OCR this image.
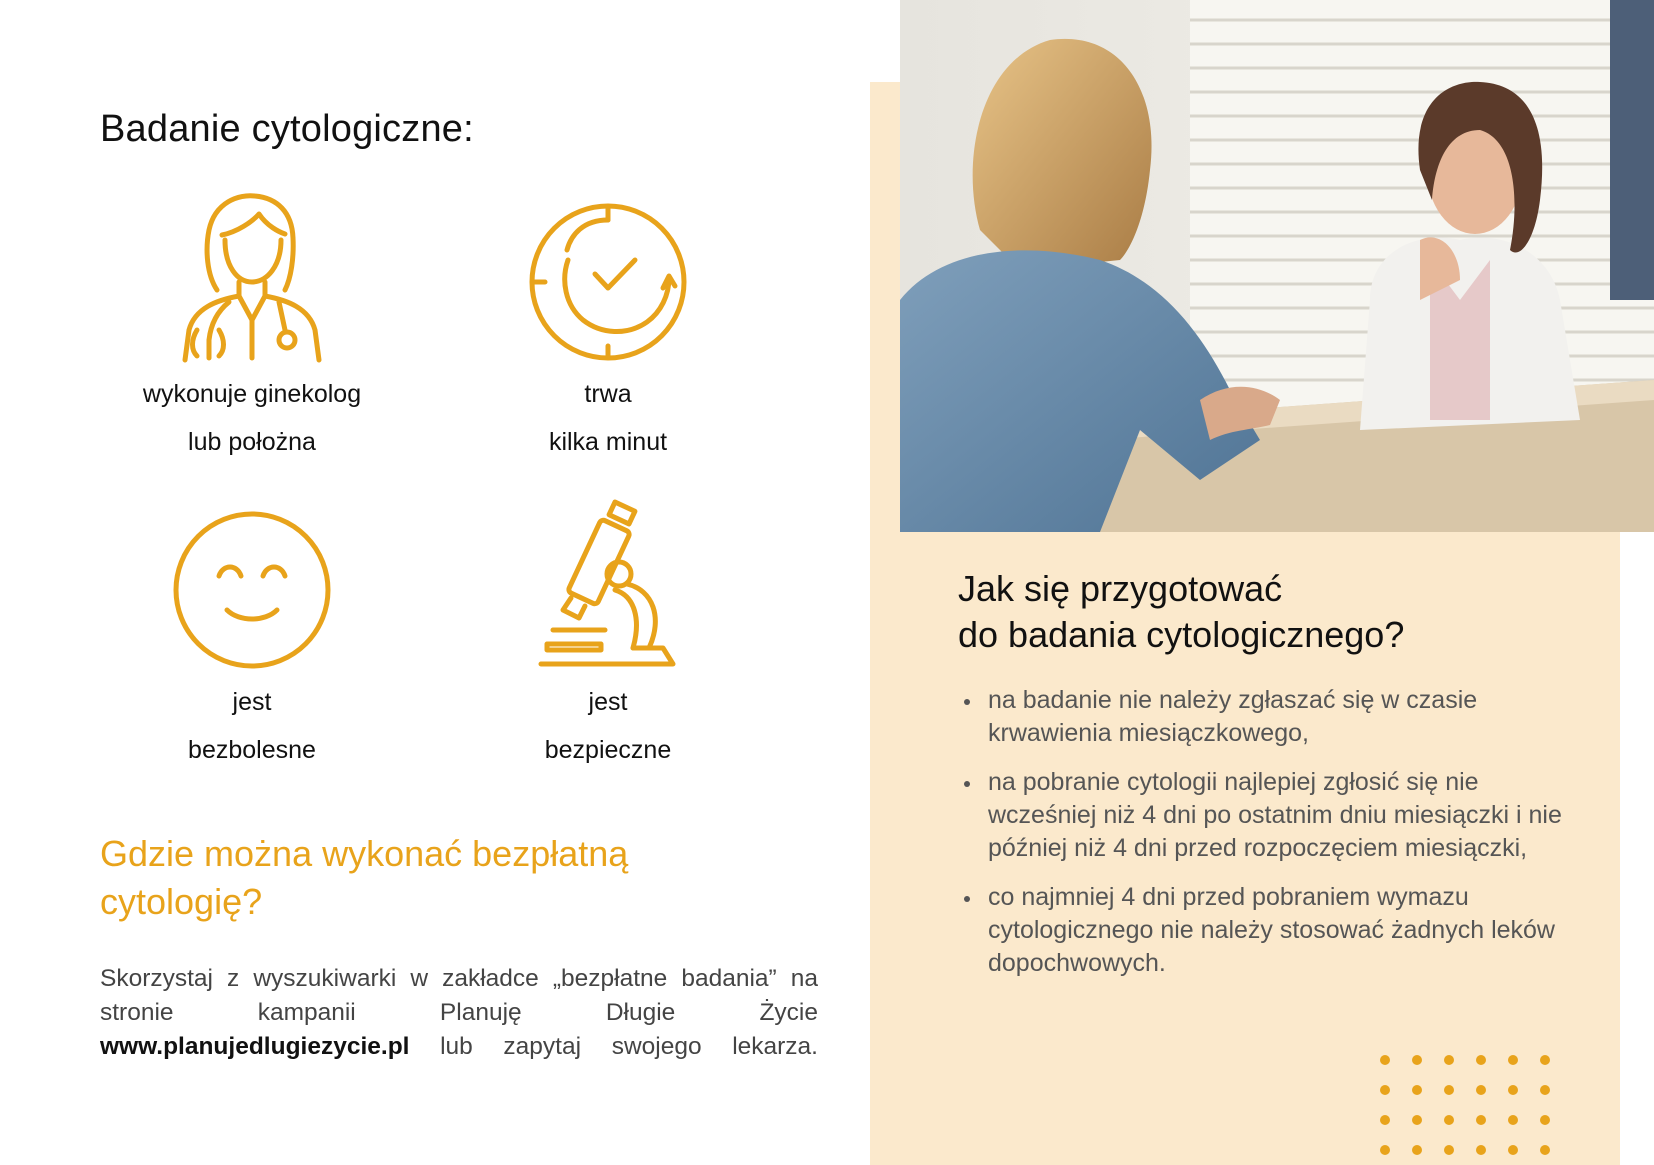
Badanie cytologiczne:
wykonuje ginekolog
lub położna
trwa
kilka minut
jest
bezbolesne
jest
bezpieczne
Gdzie można wykonać bezpłatną
cytologię?

Skorzystaj z wyszukiwarki w zakładce „bezpłatne badania” na stronie kampanii Planuję Długie Życie www.planujedlugiezycie.pl lub zapytaj swojego lekarza.

Jak się przygotować
do badania cytologicznego?
na badanie nie należy zgłaszać się w czasie krwawienia miesiączkowego,
na pobranie cytologii najlepiej zgłosić się nie wcześniej niż 4 dni po ostatnim dniu miesiączki i nie później niż 4 dni przed rozpoczęciem miesiączki,
co najmniej 4 dni przed pobraniem wymazu cytologicznego nie należy stosować żadnych leków dopochwowych.
